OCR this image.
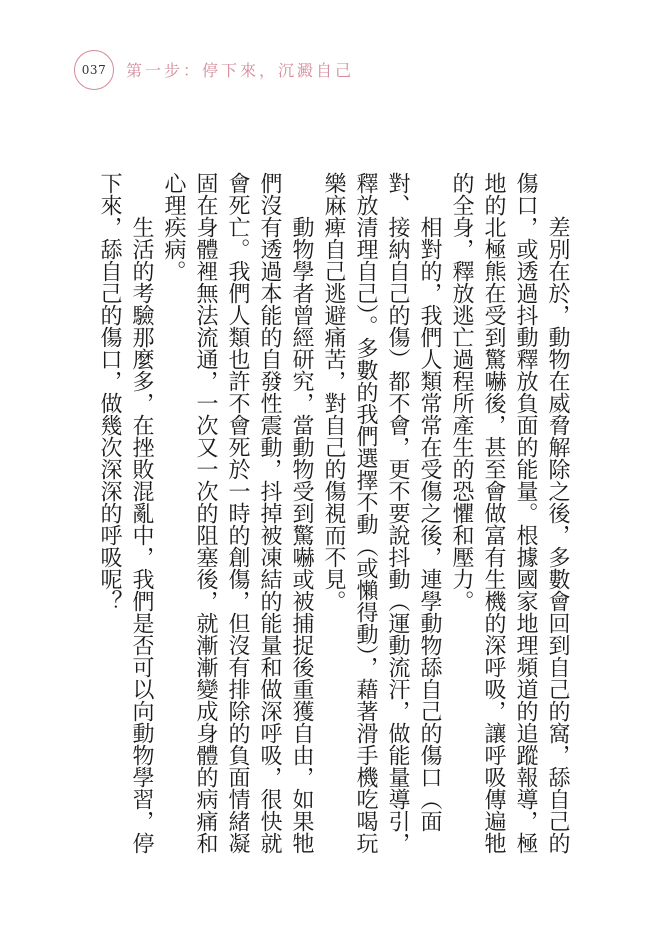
037 第一步：停下來，沉澱自己

差別在於，動物在威脅解除之後，多數會回到自己的窩，舔自己的傷口，或透過抖動釋放負面的能量。根據國家地理頻道的追蹤報導，極地的北極熊在受到驚嚇後，甚至會做富有生機的深呼吸，讓呼吸傳遍牠的全身，釋放逃亡過程所產生的恐懼和壓力。

相對的，我們人類常常在受傷之後，連學動物舔自己的傷口（面對、接納自己的傷）都不會，更不要說抖動（運動流汗，做能量導引，釋放清理自己）。多數的我們選擇不動（或懶得動），藉著滑手機吃喝玩樂麻痺自己逃避痛苦，對自己的傷視而不見。

動物學者曾經研究，當動物受到驚嚇或被捕捉後重獲自由，如果牠們沒有透過本能的自發性震動，抖掉被凍結的能量和做深呼吸，很快就會死亡。我們人類也許不會死於一時的創傷，但沒有排除的負面情緒凝固在身體裡無法流通，一次又一次的阻塞後，就漸漸變成身體的病痛和心理疾病。

生活的考驗那麼多，在挫敗混亂中，我們是否可以向動物學習，停下來，舔自己的傷口，做幾次深深的呼吸呢？
